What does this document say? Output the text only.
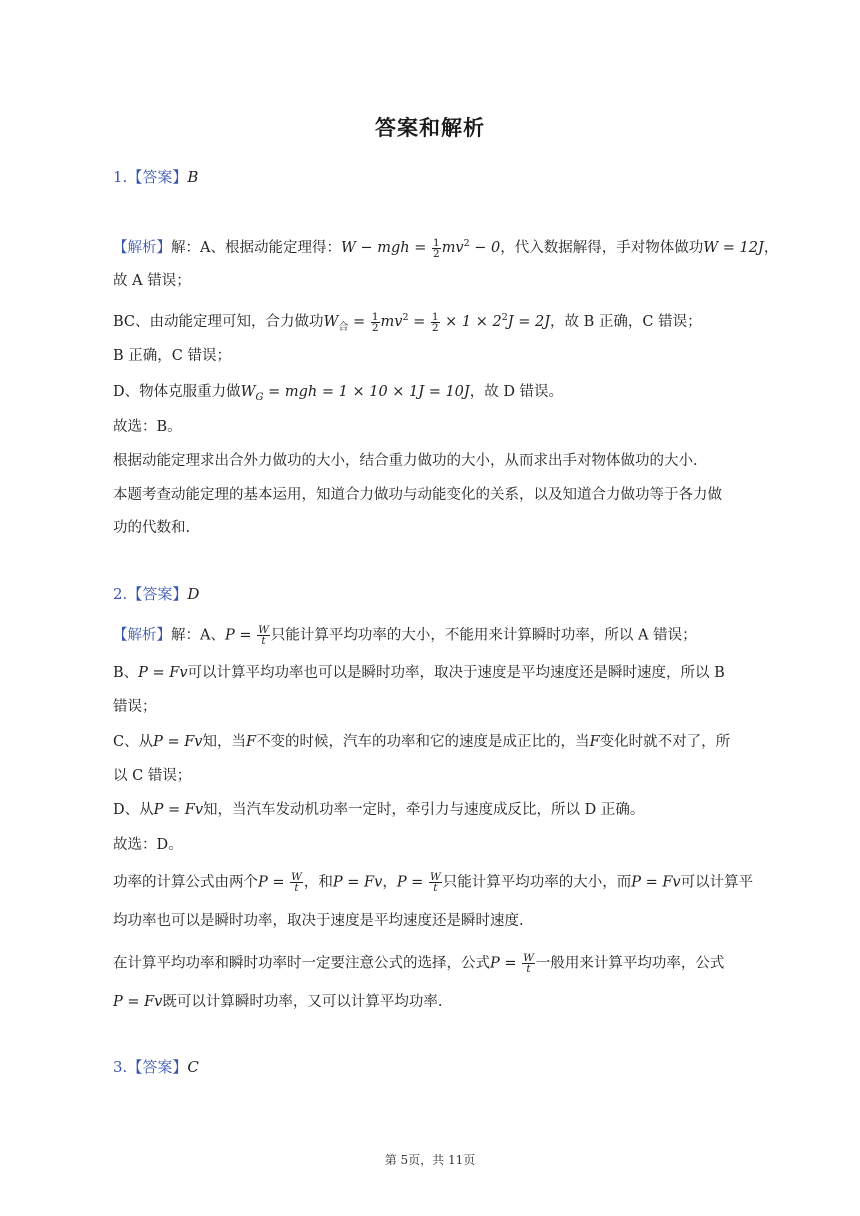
答案和解析
1.【答案】B
【解析】解：A、根据动能定理得：W − mgh = $\frac{1}{2} mv^2 - 0$，代入数据解得，手对物体做功W = 12J，
故 A 错误；
BC、由动能定理可知，合力做功$W_合 = \frac{1}{2} mv^2 = \frac{1}{2} \times 1 \times 2^2J = 2J$，故 B 正确，C 错误；
B 正确，C 错误；
D、物体克服重力做$W_G$ = mgh = 1 × 10 × 1J = 10J，故 D 错误。
故选：B。
根据动能定理求出合外力做功的大小，结合重力做功的大小，从而求出手对物体做功的大小.
本题考查动能定理的基本运用，知道合力做功与动能变化的关系，以及知道合力做功等于各力做
功的代数和.
2.【答案】D
【解析】解：A、$P = \frac{W}{t}$ 只能计算平均功率的大小，不能用来计算瞬时功率，所以 A 错误；
B、P = Fv可以计算平均功率也可以是瞬时功率，取决于速度是平均速度还是瞬时速度，所以 B
错误；
C、从P = Fv知，当F不变的时候，汽车的功率和它的速度是成正比的，当F变化时就不对了，所
以 C 错误；
D、从P = Fv知，当汽车发动机功率一定时，牵引力与速度成反比，所以 D 正确。
故选：D。
功率的计算公式由两个$P = \frac{W}{t}$ ，和P = Fv，$P = \frac{W}{t}$ 只能计算平均功率的大小，而P = Fv可以计算平
均功率也可以是瞬时功率，取决于速度是平均速度还是瞬时速度.
在计算平均功率和瞬时功率时一定要注意公式的选择，公式$P = \frac{W}{t}$ 一般用来计算平均功率，公式
P = Fv既可以计算瞬时功率，又可以计算平均功率.
3.【答案】C
第 5页，共 11页
